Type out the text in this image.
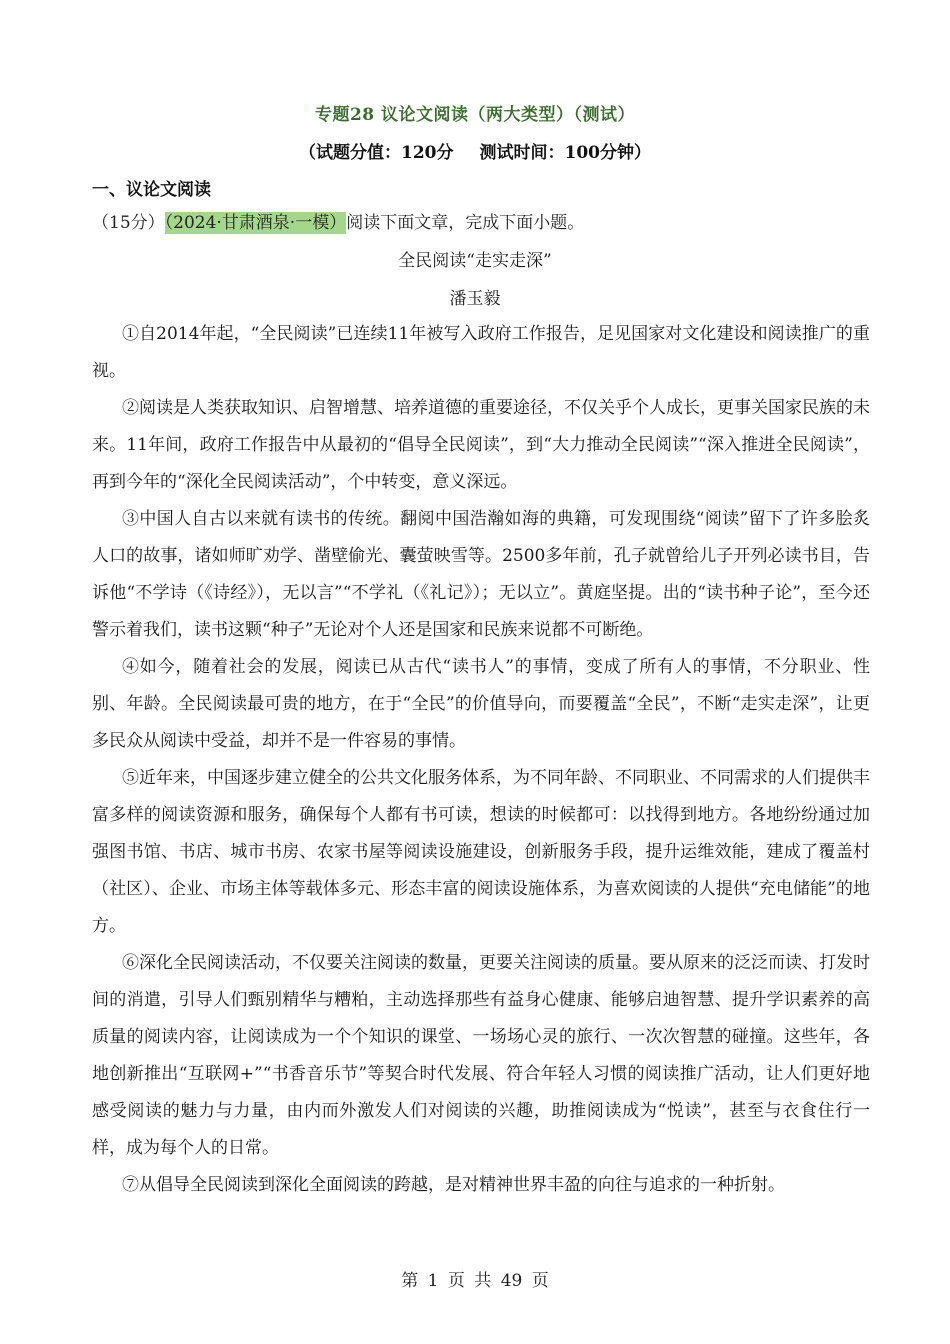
专题28 议论文阅读（两大类型）（测试）
（试题分值：120分 测试时间：100分钟）
一、议论文阅读
（15分）（2024·甘肃酒泉·一模）阅读下面文章，完成下面小题。
全民阅读“走实走深”
潘玉毅

①自2014年起，“全民阅读”已连续11年被写入政府工作报告，足见国家对文化建设和阅读推广的重视。

②阅读是人类获取知识、启智增慧、培养道德的重要途径，不仅关乎个人成长，更事关国家民族的未来。11年间，政府工作报告中从最初的“倡导全民阅读”，到“大力推动全民阅读”“深入推进全民阅读”，再到今年的“深化全民阅读活动”，个中转变，意义深远。

③中国人自古以来就有读书的传统。翻阅中国浩瀚如海的典籍，可发现围绕“阅读”留下了许多脍炙人口的故事，诸如师旷劝学、凿壁偷光、囊萤映雪等。2500多年前，孔子就曾给儿子开列必读书目，告诉他“不学诗（《诗经》），无以言”“不学礼（《礼记》）；无以立”。黄庭坚提。出的“读书种子论”，至今还警示着我们，读书这颗“种子”无论对个人还是国家和民族来说都不可断绝。

④如今，随着社会的发展，阅读已从古代“读书人”的事情，变成了所有人的事情，不分职业、性别、年龄。全民阅读最可贵的地方，在于“全民”的价值导向，而要覆盖“全民”，不断“走实走深”，让更多民众从阅读中受益，却并不是一件容易的事情。

⑤近年来，中国逐步建立健全的公共文化服务体系，为不同年龄、不同职业、不同需求的人们提供丰富多样的阅读资源和服务，确保每个人都有书可读，想读的时候都可：以找得到地方。各地纷纷通过加强图书馆、书店、城市书房、农家书屋等阅读设施建设，创新服务手段，提升运维效能，建成了覆盖村（社区）、企业、市场主体等载体多元、形态丰富的阅读设施体系，为喜欢阅读的人提供“充电储能”的地方。

⑥深化全民阅读活动，不仅要关注阅读的数量，更要关注阅读的质量。要从原来的泛泛而读、打发时间的消遣，引导人们甄别精华与糟粕，主动选择那些有益身心健康、能够启迪智慧、提升学识素养的高质量的阅读内容，让阅读成为一个个知识的课堂、一场场心灵的旅行、一次次智慧的碰撞。这些年，各地创新推出“互联网+”“书香音乐节”等契合时代发展、符合年轻人习惯的阅读推广活动，让人们更好地感受阅读的魅力与力量，由内而外激发人们对阅读的兴趣，助推阅读成为“悦读”，甚至与衣食住行一样，成为每个人的日常。

⑦从倡导全民阅读到深化全面阅读的跨越，是对精神世界丰盈的向往与追求的一种折射。

第 1 页 共 49 页
